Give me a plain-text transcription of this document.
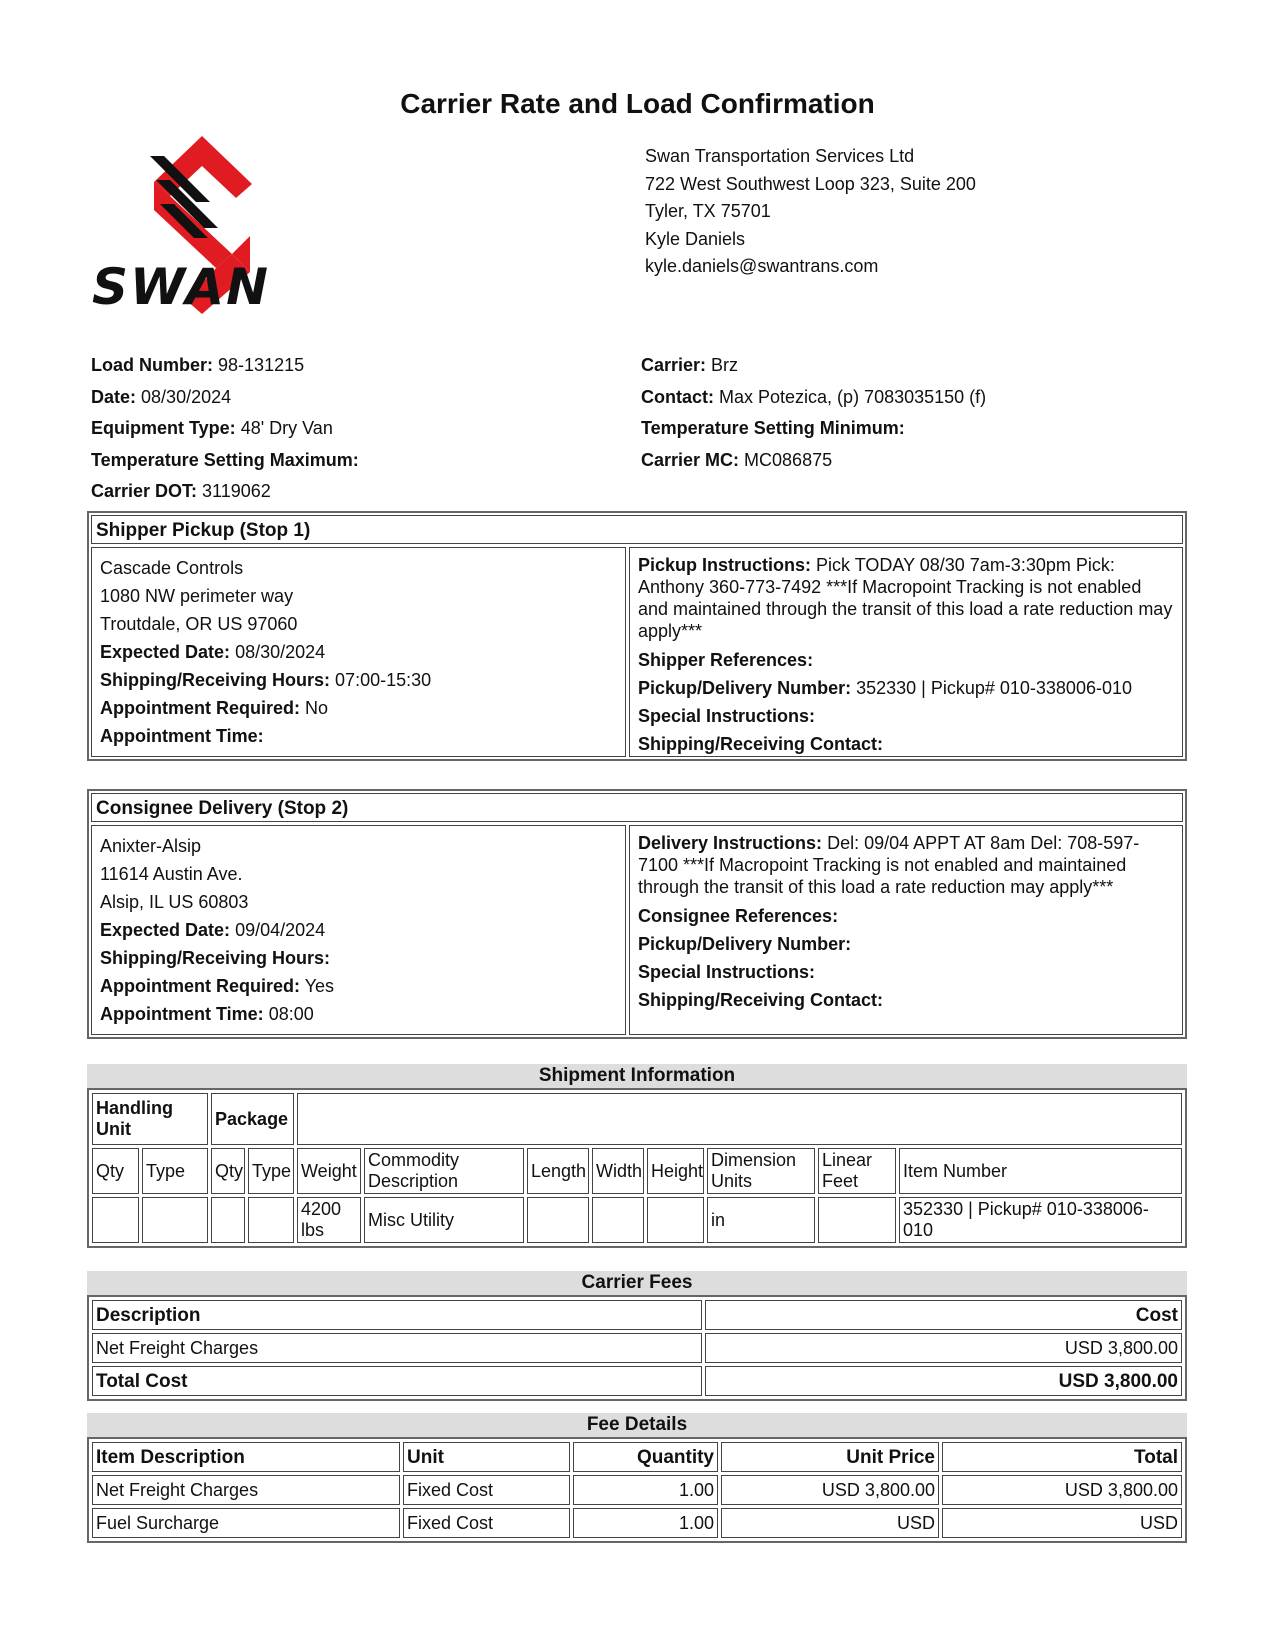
Carrier Rate and Load Confirmation
SWAN
Swan Transportation Services Ltd
722 West Southwest Loop 323, Suite 200
Tyler, TX 75701
Kyle Daniels
kyle.daniels@swantrans.com
Load Number: 98-131215
Date: 08/30/2024
Equipment Type: 48' Dry Van
Temperature Setting Maximum:
Carrier DOT: 3119062
Carrier: Brz
Contact: Max Potezica, (p) 7083035150 (f)
Temperature Setting Minimum:
Carrier MC: MC086875
Shipper Pickup (Stop 1)
Cascade Controls
1080 NW perimeter way
Troutdale, OR US 97060
Expected Date: 08/30/2024
Shipping/Receiving Hours: 07:00-15:30
Appointment Required: No
Appointment Time:
Pickup Instructions: Pick TODAY 08/30 7am-3:30pm Pick: Anthony 360-773-7492 ***If Macropoint Tracking is not enabled and maintained through the transit of this load a rate reduction may apply***
Shipper References:
Pickup/Delivery Number: 352330 | Pickup# 010-338006-010
Special Instructions:
Shipping/Receiving Contact:
Consignee Delivery (Stop 2)
Anixter-Alsip
11614 Austin Ave.
Alsip, IL US 60803
Expected Date: 09/04/2024
Shipping/Receiving Hours:
Appointment Required: Yes
Appointment Time: 08:00
Delivery Instructions: Del: 09/04 APPT AT 8am Del: 708-597-7100 ***If Macropoint Tracking is not enabled and maintained through the transit of this load a rate reduction may apply***
Consignee References:
Pickup/Delivery Number:
Special Instructions:
Shipping/Receiving Contact:
Shipment Information
Handling Unit		Package									
Qty	Type	Qty	Type	Weight	Commodity Description	Length	Width	Height	Dimension Units	Linear Feet	Item Number
				4200 lbs	Misc Utility				in		352330 | Pickup# 010-338006-010
Carrier Fees
Description	Cost
Net Freight Charges	USD 3,800.00
Total Cost	USD 3,800.00
Fee Details
Item Description	Unit	Quantity	Unit Price	Total
Net Freight Charges	Fixed Cost	1.00	USD 3,800.00	USD 3,800.00
Fuel Surcharge	Fixed Cost	1.00	USD	USD
